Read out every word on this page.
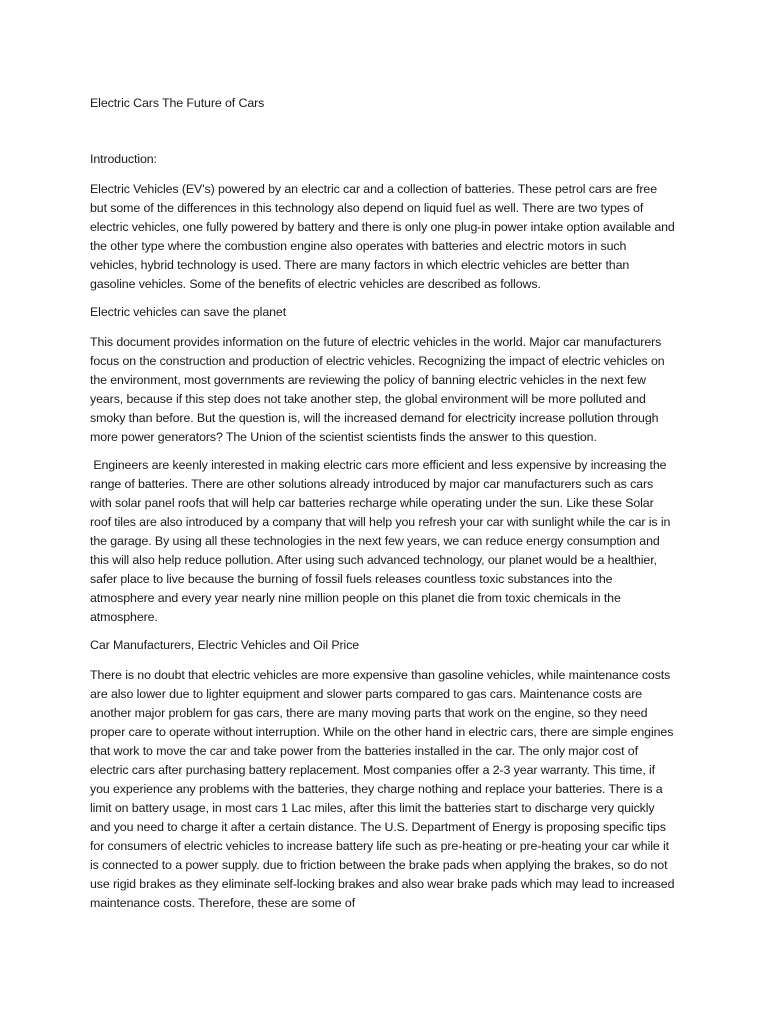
Electric Cars The Future of Cars
Introduction:
Electric Vehicles (EV's) powered by an electric car and a collection of batteries. These petrol cars are free but some of the differences in this technology also depend on liquid fuel as well. There are two types of electric vehicles, one fully powered by battery and there is only one plug-in power intake option available and the other type where the combustion engine also operates with batteries and electric motors in such vehicles, hybrid technology is used. There are many factors in which electric vehicles are better than gasoline vehicles. Some of the benefits of electric vehicles are described as follows.
Electric vehicles can save the planet
This document provides information on the future of electric vehicles in the world. Major car manufacturers focus on the construction and production of electric vehicles. Recognizing the impact of electric vehicles on the environment, most governments are reviewing the policy of banning electric vehicles in the next few years, because if this step does not take another step, the global environment will be more polluted and smoky than before. But the question is, will the increased demand for electricity increase pollution through more power generators? The Union of the scientist scientists finds the answer to this question.
Engineers are keenly interested in making electric cars more efficient and less expensive by increasing the range of batteries. There are other solutions already introduced by major car manufacturers such as cars with solar panel roofs that will help car batteries recharge while operating under the sun. Like these Solar roof tiles are also introduced by a company that will help you refresh your car with sunlight while the car is in the garage. By using all these technologies in the next few years, we can reduce energy consumption and this will also help reduce pollution. After using such advanced technology, our planet would be a healthier, safer place to live because the burning of fossil fuels releases countless toxic substances into the atmosphere and every year nearly nine million people on this planet die from toxic chemicals in the atmosphere.
Car Manufacturers, Electric Vehicles and Oil Price
There is no doubt that electric vehicles are more expensive than gasoline vehicles, while maintenance costs are also lower due to lighter equipment and slower parts compared to gas cars. Maintenance costs are another major problem for gas cars, there are many moving parts that work on the engine, so they need proper care to operate without interruption. While on the other hand in electric cars, there are simple engines that work to move the car and take power from the batteries installed in the car. The only major cost of electric cars after purchasing battery replacement. Most companies offer a 2-3 year warranty. This time, if you experience any problems with the batteries, they charge nothing and replace your batteries. There is a limit on battery usage, in most cars 1 Lac miles, after this limit the batteries start to discharge very quickly and you need to charge it after a certain distance. The U.S. Department of Energy is proposing specific tips for consumers of electric vehicles to increase battery life such as pre-heating or pre-heating your car while it is connected to a power supply. due to friction between the brake pads when applying the brakes, so do not use rigid brakes as they eliminate self-locking brakes and also wear brake pads which may lead to increased maintenance costs. Therefore, these are some of
